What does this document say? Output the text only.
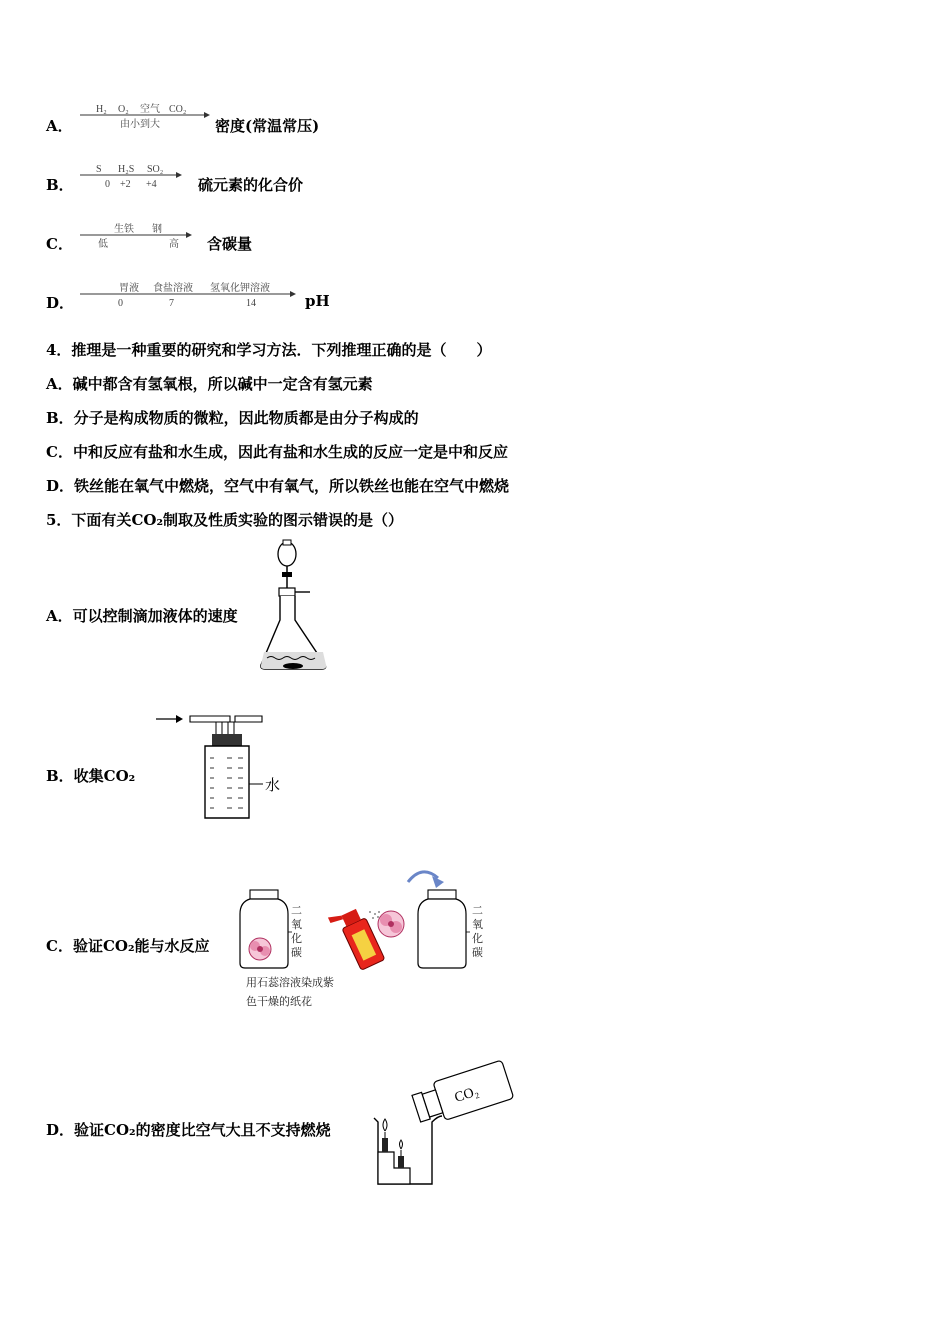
A．
H₂ O₂ 空气 CO₂
由小到大	密度(常温常压)
B．
S H₂S SO₂
0 +2 +4	硫元素的化合价
C．
生铁 钢
低	高 含碳量
D．
胃液 食盐溶液 氢氧化钾溶液
0	7	14	pH
4．推理是一种重要的研究和学习方法．下列推理正确的是（　　）
A．碱中都含有氢氧根，所以碱中一定含有氢元素
B．分子是构成物质的微粒，因此物质都是由分子构成的
C．中和反应有盐和水生成，因此有盐和水生成的反应一定是中和反应
D．铁丝能在氧气中燃烧，空气中有氧气，所以铁丝也能在空气中燃烧
5．下面有关CO₂制取及性质实验的图示错误的是（）
A．可以控制滴加液体的速度
B．收集CO₂	水
C．验证CO₂能与水反应
二
氧
化
碳
用石蕊溶液染成紫
色干燥的纸花
二
氧
化
碳
D．验证CO₂的密度比空气大且不支持燃烧
CO₂
